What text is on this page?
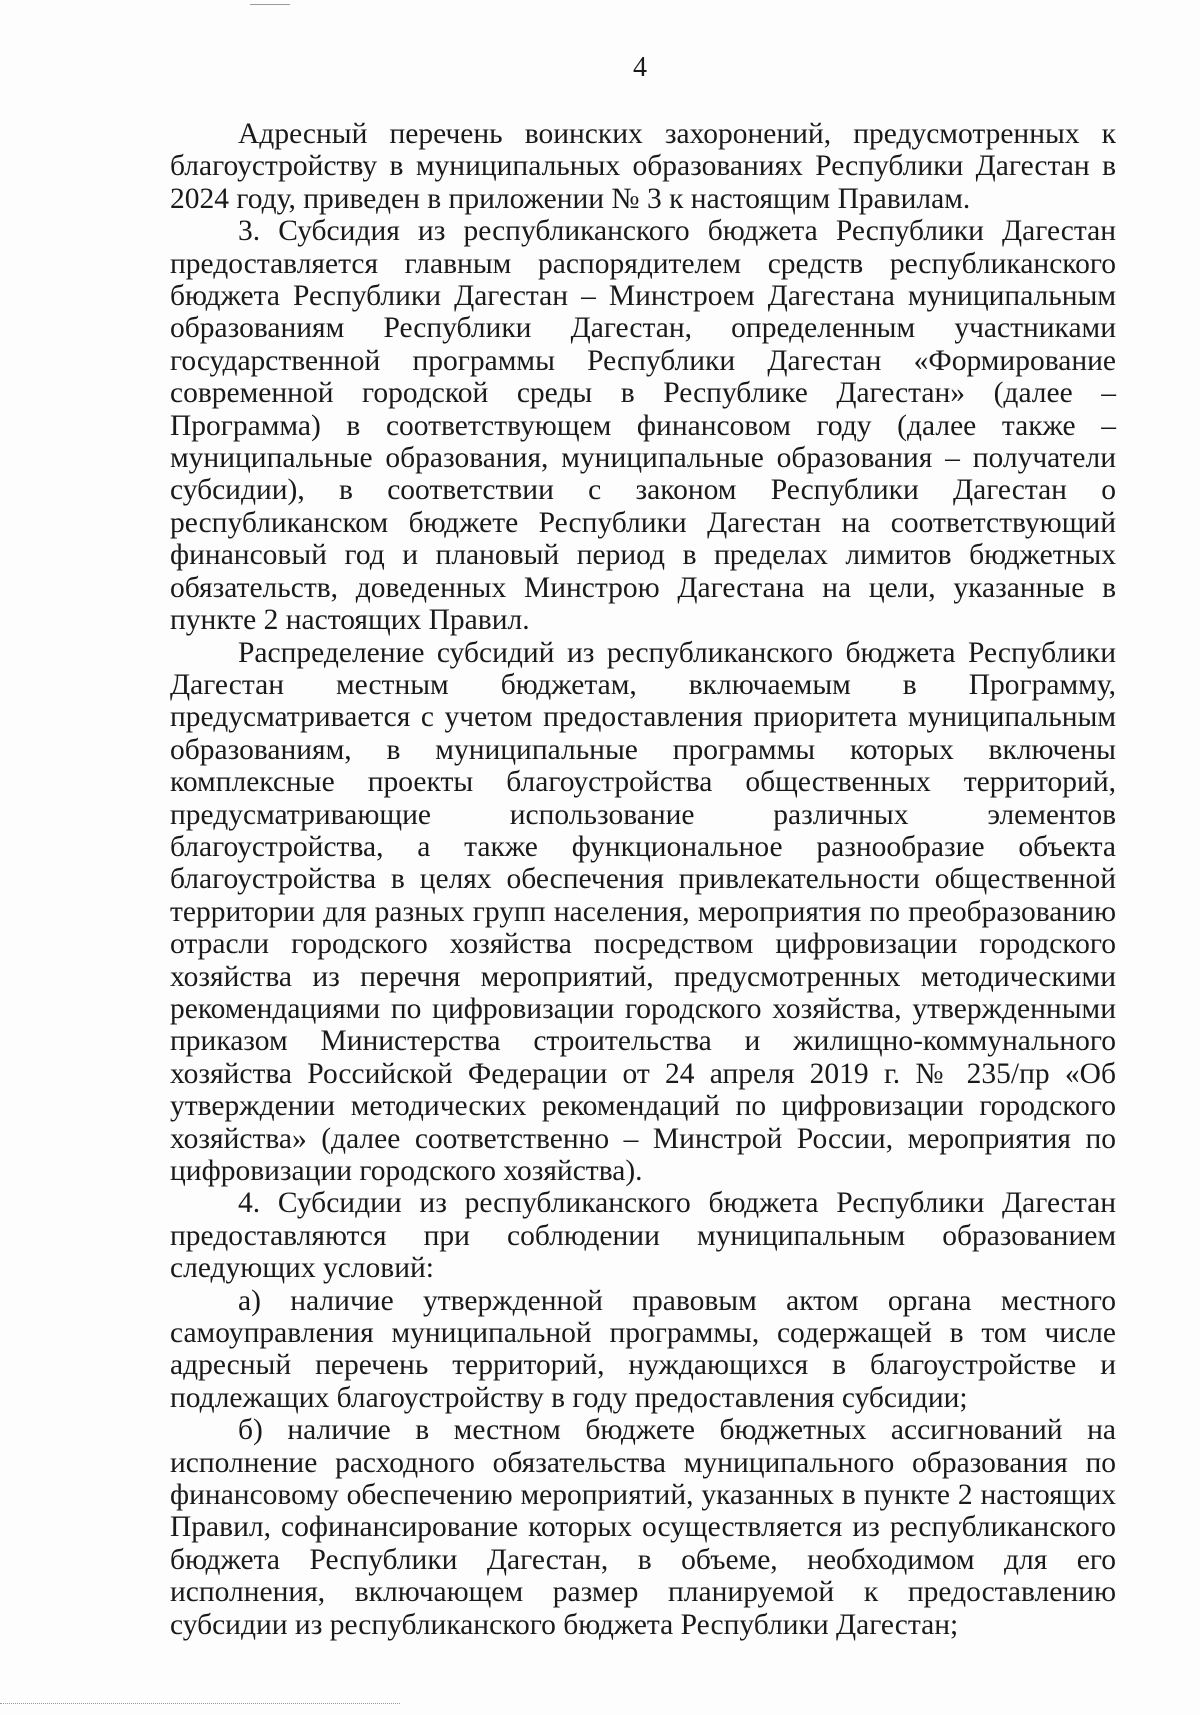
4

Адресный перечень воинских захоронений, предусмотренных к благоустройству в муниципальных образованиях Республики Дагестан в 2024 году, приведен в приложении № 3 к настоящим Правилам.

3. Субсидия из республиканского бюджета Республики Дагестан предоставляется главным распорядителем средств республиканского бюджета Республики Дагестан – Минстроем Дагестана муниципальным образованиям Республики Дагестан, определенным участниками государственной программы Республики Дагестан «Формирование современной городской среды в Республике Дагестан» (далее – Программа) в соответствующем финансовом году (далее также – муниципальные образования, муниципальные образования – получатели субсидии), в соответствии с законом Республики Дагестан о республиканском бюджете Республики Дагестан на соответствующий финансовый год и плановый период в пределах лимитов бюджетных обязательств, доведенных Минстрою Дагестана на цели, указанные в пункте 2 настоящих Правил.

Распределение субсидий из республиканского бюджета Республики Дагестан местным бюджетам, включаемым в Программу, предусматривается с учетом предоставления приоритета муниципальным образованиям, в муниципальные программы которых включены комплексные проекты благоустройства общественных территорий, предусматривающие использование различных элементов благоустройства, а также функциональное разнообразие объекта благоустройства в целях обеспечения привлекательности общественной территории для разных групп населения, мероприятия по преобразованию отрасли городского хозяйства посредством цифровизации городского хозяйства из перечня мероприятий, предусмотренных методическими рекомендациями по цифровизации городского хозяйства, утвержденными приказом Министерства строительства и жилищно-коммунального хозяйства Российской Федерации от 24 апреля 2019 г. № 235/пр «Об утверждении методических рекомендаций по цифровизации городского хозяйства» (далее соответственно – Минстрой России, мероприятия по цифровизации городского хозяйства).

4. Субсидии из республиканского бюджета Республики Дагестан предоставляются при соблюдении муниципальным образованием следующих условий:

а) наличие утвержденной правовым актом органа местного самоуправления муниципальной программы, содержащей в том числе адресный перечень территорий, нуждающихся в благоустройстве и подлежащих благоустройству в году предоставления субсидии;

б) наличие в местном бюджете бюджетных ассигнований на исполнение расходного обязательства муниципального образования по финансовому обеспечению мероприятий, указанных в пункте 2 настоящих Правил, софинансирование которых осуществляется из республиканского бюджета Республики Дагестан, в объеме, необходимом для его исполнения, включающем размер планируемой к предоставлению субсидии из республиканского бюджета Республики Дагестан;
